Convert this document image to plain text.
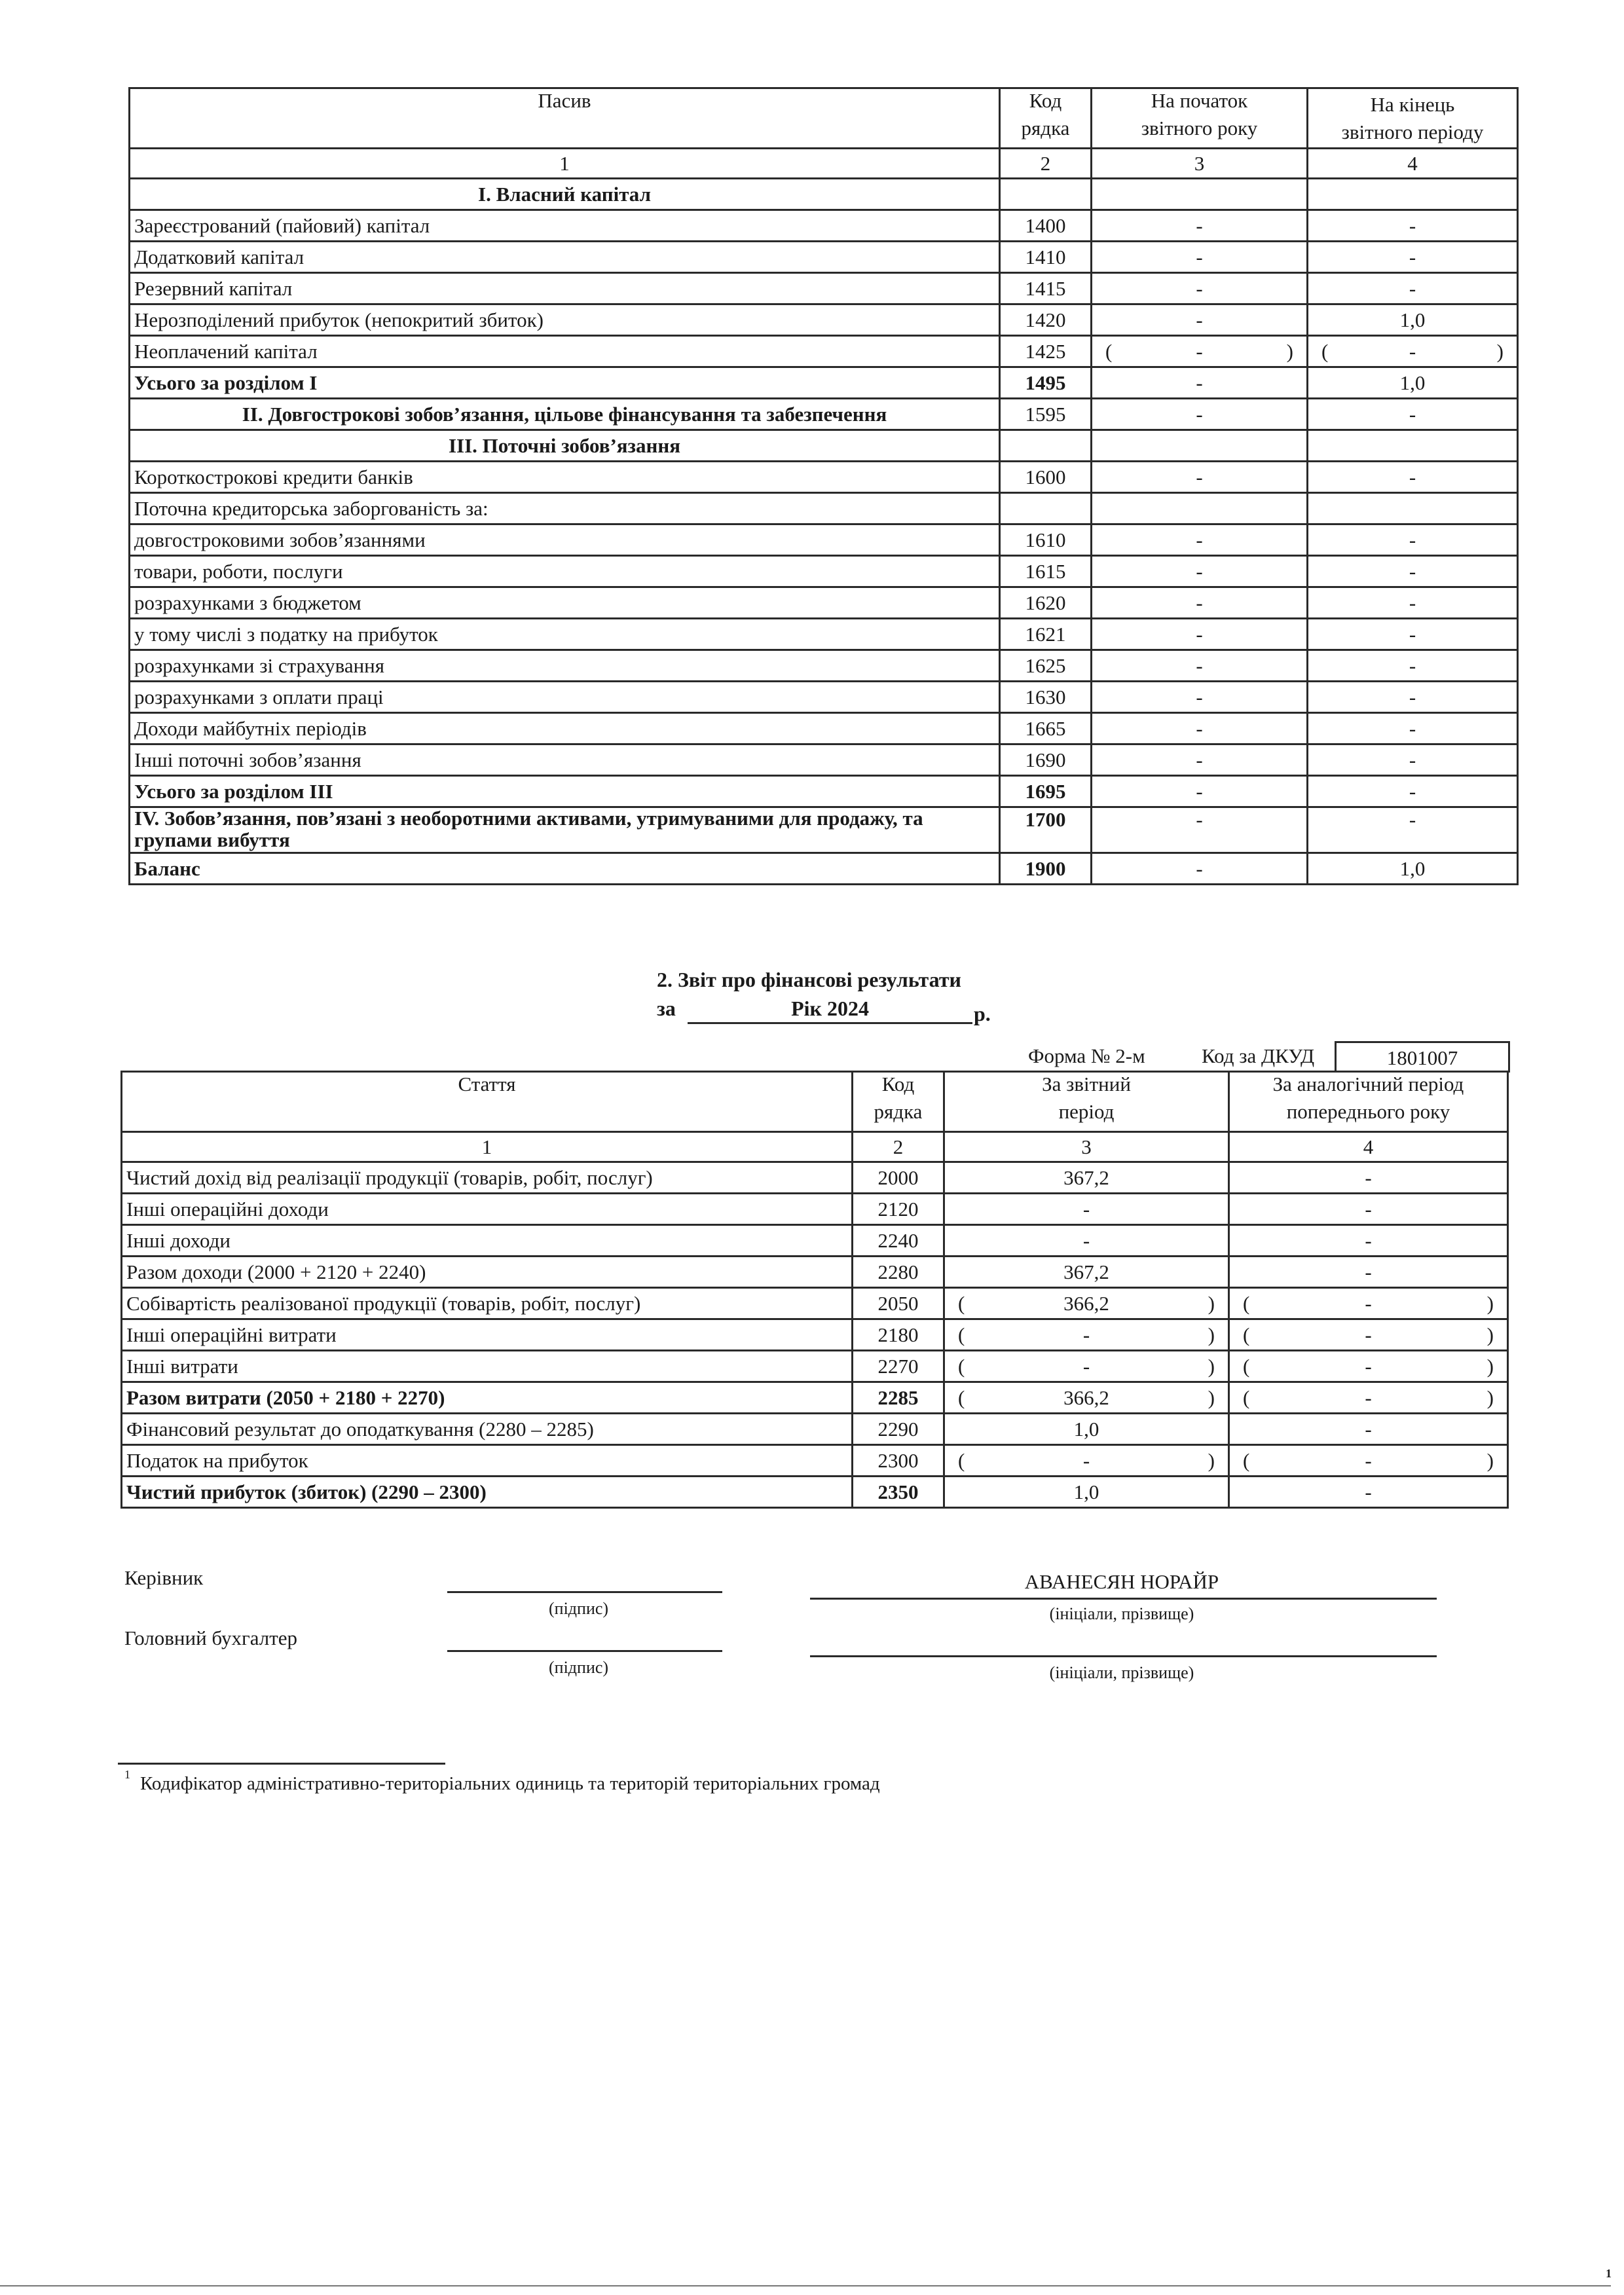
Пасив	Код
рядка

На початок
звітного року

На кінець
звітного періоду

1	2	3	4
I. Власний капітал			
Зареєстрований (пайовий) капітал	1400	-	-
Додатковий капітал	1410	-	-
Резервний капітал	1415	-	-
Нерозподілений прибуток (непокритий збиток)	1420	-	1,0
Неоплачений капітал	1425	( - )	( - )

Усього за розділом I	1495	-	1,0
II. Довгострокові зобов’язання, цільове фінансування та забезпечення	1595	-	-
III. Поточні зобов’язання			
Короткострокові кредити банків	1600	-	-
Поточна кредиторська заборгованість за:			
довгостроковими зобов’язаннями	1610	-	-
товари, роботи, послуги	1615	-	-
розрахунками з бюджетом	1620	-	-
у тому числі з податку на прибуток	1621	-	-
розрахунками зі страхування	1625	-	-
розрахунками з оплати праці	1630	-	-
Доходи майбутніх періодів	1665	-	-
Інші поточні зобов’язання	1690	-	-
Усього за розділом III	1695	-	-
IV. Зобов’язання, пов’язані з необоротними активами, утримуваними для продажу, та групами вибуття	1700	-	-
Баланс	1900	-	1,0
2. Звіт про фінансові результати
за	Рік 2024	р.
Форма № 2-м	Код за ДКУД	1801007
Стаття	Код
рядка

За звітний
період

За аналогічний період
попереднього року

1	2	3	4
Чистий дохід від реалізації продукції (товарів, робіт, послуг)	2000	367,2	-
Інші операційні доходи	2120	-	-
Інші доходи	2240	-	-
Разом доходи (2000 + 2120 + 2240)	2280	367,2	-
Собівартість реалізованої продукції (товарів, робіт, послуг)	2050	( 366,2 )	( - )

Інші операційні витрати	2180	( - )	( - )

Інші витрати	2270	( - )	( - )

Разом витрати (2050 + 2180 + 2270)	2285	( 366,2 )	( - )

Фінансовий результат до оподаткування (2280 – 2285)	2290	1,0	-
Податок на прибуток	2300	( - )	( - )

Чистий прибуток (збиток) (2290 – 2300)	2350	1,0	-
Керівник
(підпис)
АВАНЕСЯН НОРАЙР
(ініціали, прізвище)
Головний бухгалтер
(підпис)	(ініціали, прізвище)
1 Кодифікатор адміністративно-територіальних одиниць та територій територіальних громад
1
